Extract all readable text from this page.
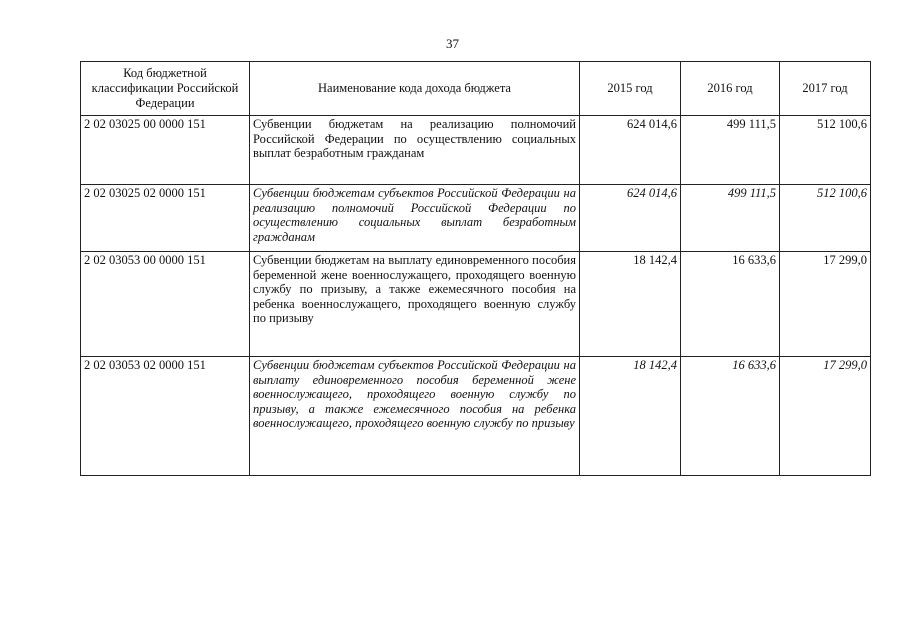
37
Код бюджетной классификации Российской Федерации	Наименование кода дохода бюджета	2015 год	2016 год	2017 год
2 02 03025 00 0000 151	Субвенции бюджетам на реализацию полномочий Российской Федерации по осуществлению социальных выплат безработным гражданам	624 014,6	499 111,5	512 100,6
2 02 03025 02 0000 151	Субвенции бюджетам субъектов Российской Федерации на реализацию полномочий Российской Федерации по осуществлению социальных выплат безработным гражданам	624 014,6	499 111,5	512 100,6
2 02 03053 00 0000 151	Субвенции бюджетам на выплату единовременного пособия беременной жене военнослужащего, проходящего военную службу по призыву, а также ежемесячного пособия на ребенка военнослужащего, проходящего военную службу по призыву	18 142,4	16 633,6	17 299,0
2 02 03053 02 0000 151	Субвенции бюджетам субъектов Российской Федерации на выплату единовременного пособия беременной жене военнослужащего, проходящего военную службу по призыву, а также ежемесячного пособия на ребенка военнослужащего, проходящего военную службу по призыву	18 142,4	16 633,6	17 299,0
